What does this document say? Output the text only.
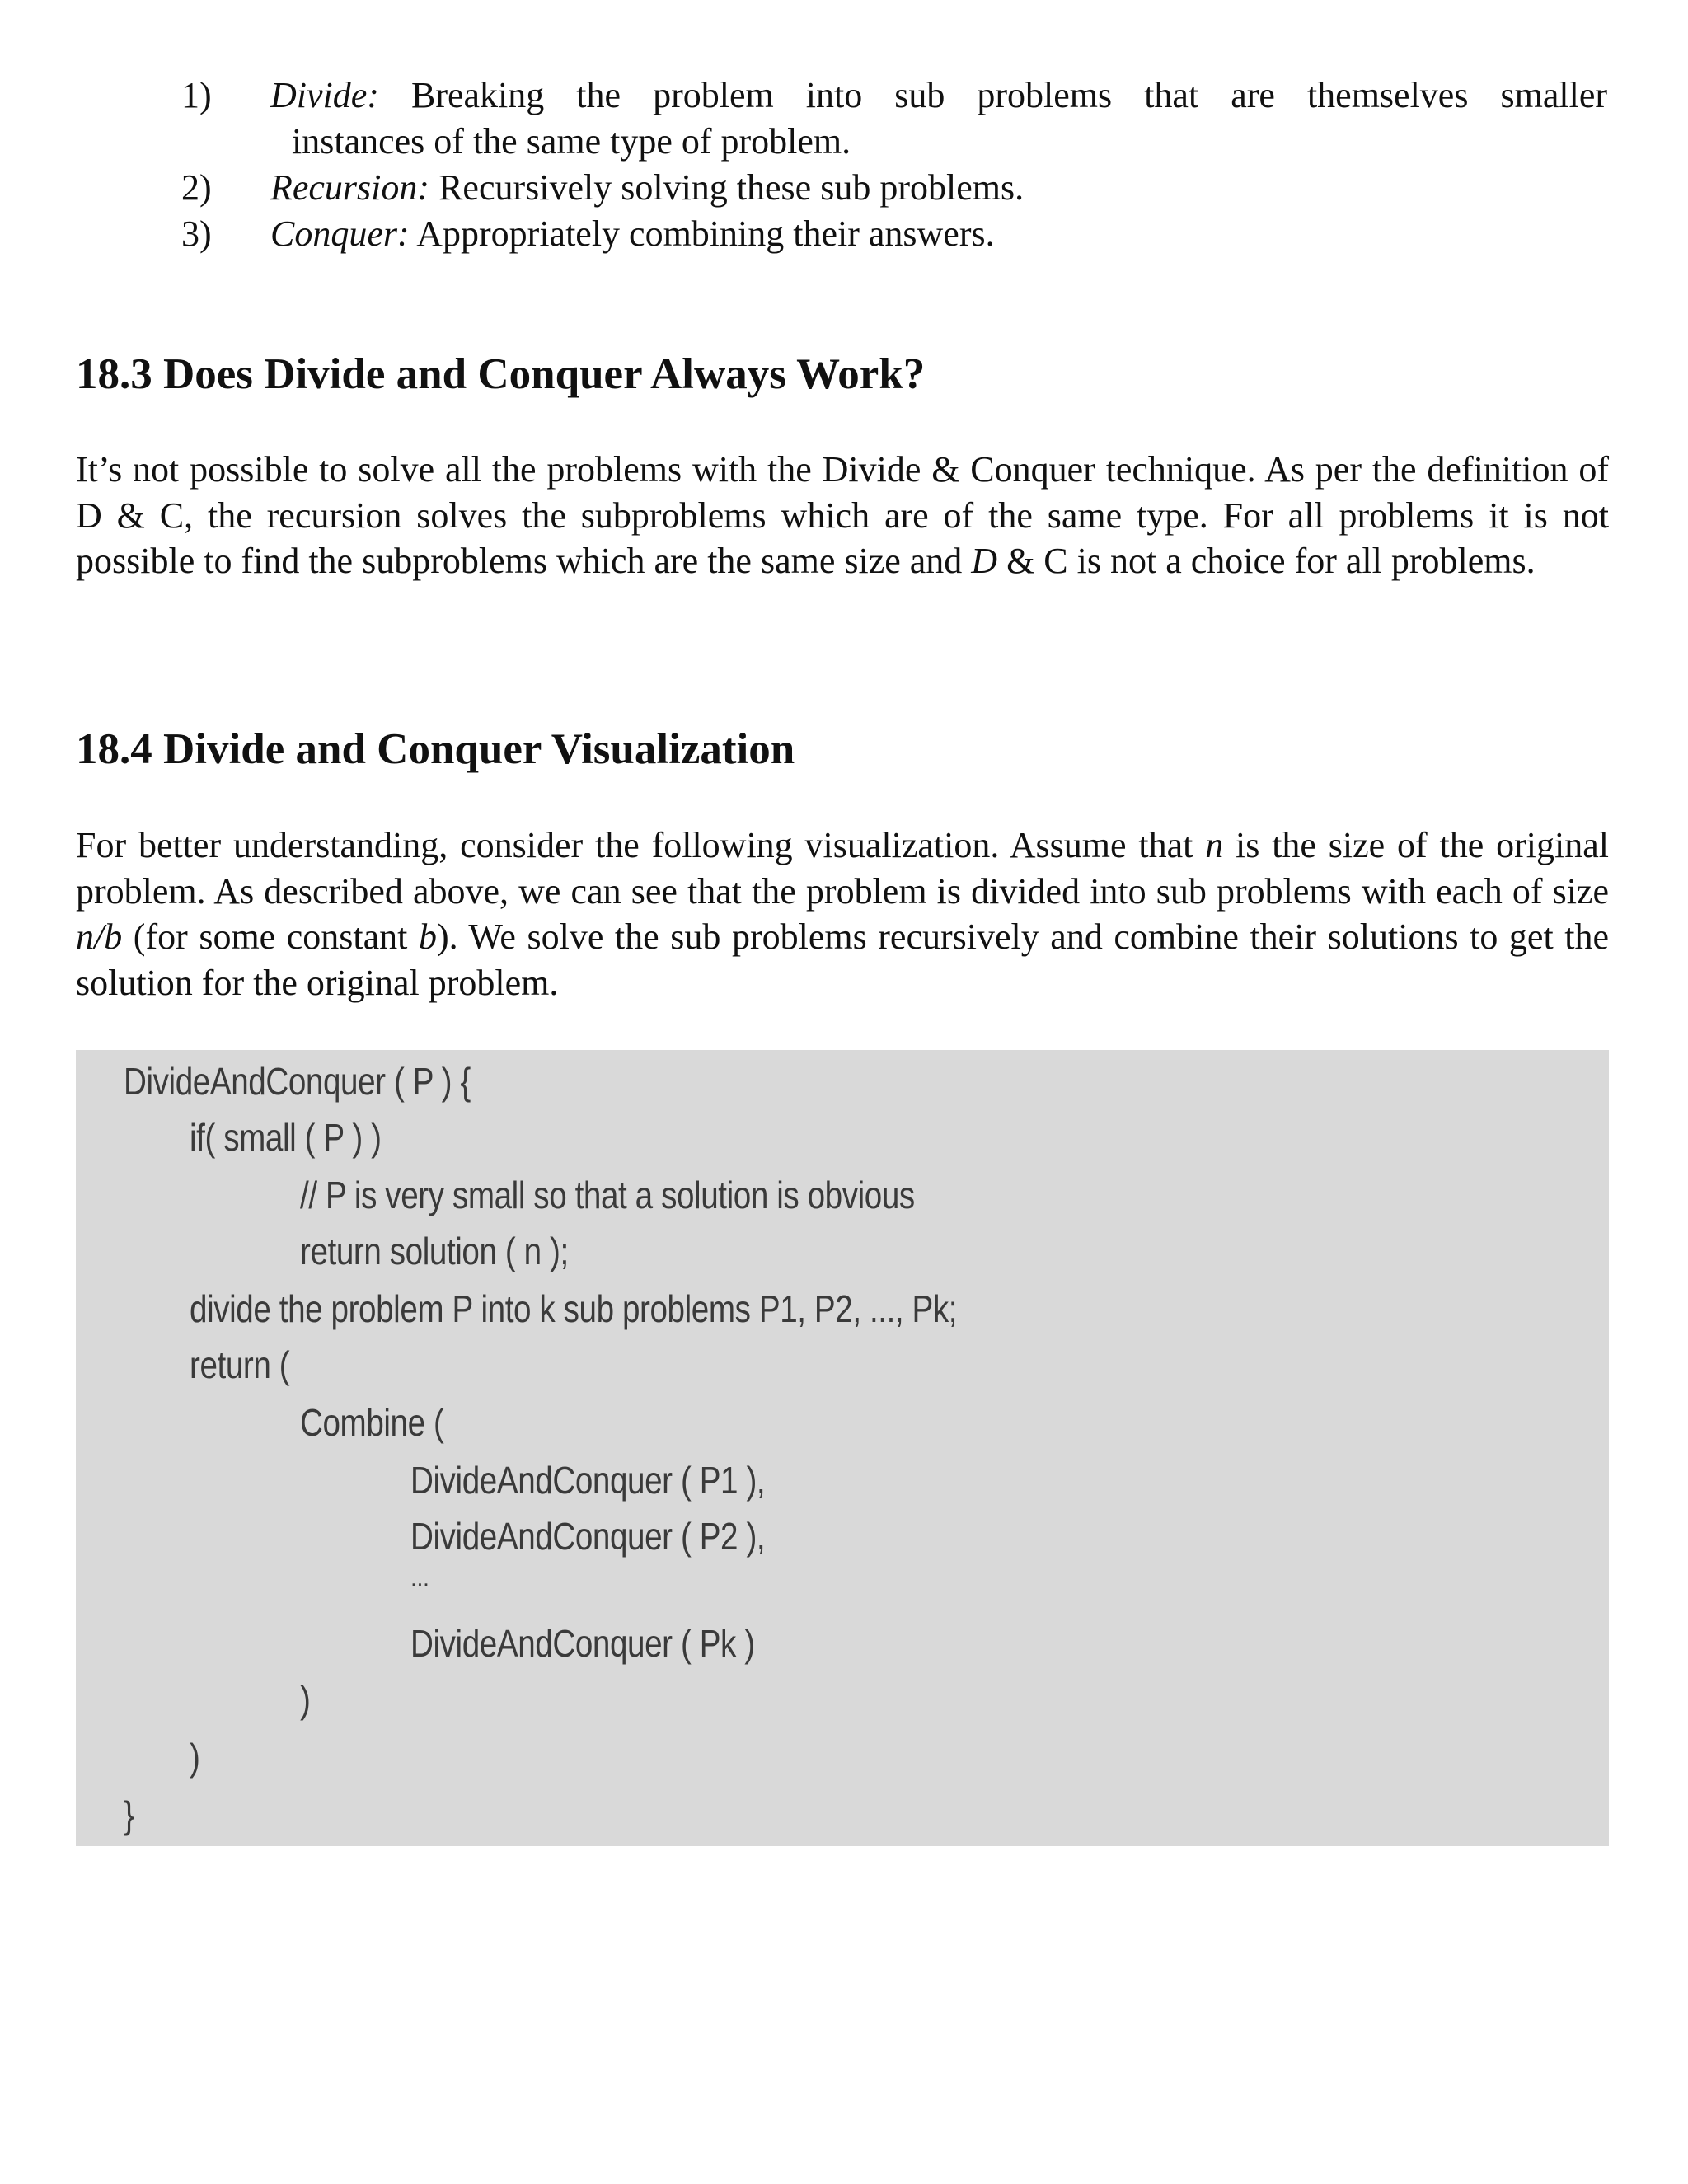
1) Divide: Breaking the problem into sub problems that are themselves smaller
instances of the same type of problem.
2) Recursion: Recursively solving these sub problems.
3) Conquer: Appropriately combining their answers.
18.3 Does Divide and Conquer Always Work?

It’s not possible to solve all the problems with the Divide & Conquer technique. As per the definition of D & C, the recursion solves the subproblems which are of the same type. For all problems it is not possible to find the subproblems which are the same size and D & C is not a choice for all problems.

18.4 Divide and Conquer Visualization

For better understanding, consider the following visualization. Assume that n is the size of the original problem. As described above, we can see that the problem is divided into sub problems with each of size n/b (for some constant b). We solve the sub problems recursively and combine their solutions to get the solution for the original problem.

DivideAndConquer ( P ) {
if( small ( P ) )
// P is very small so that a solution is obvious
return solution ( n );
divide the problem P into k sub problems P1, P2, ..., Pk;
return (
Combine (
DivideAndConquer ( P1 ),
DivideAndConquer ( P2 ),
...
DivideAndConquer ( Pk )
)
)
}
